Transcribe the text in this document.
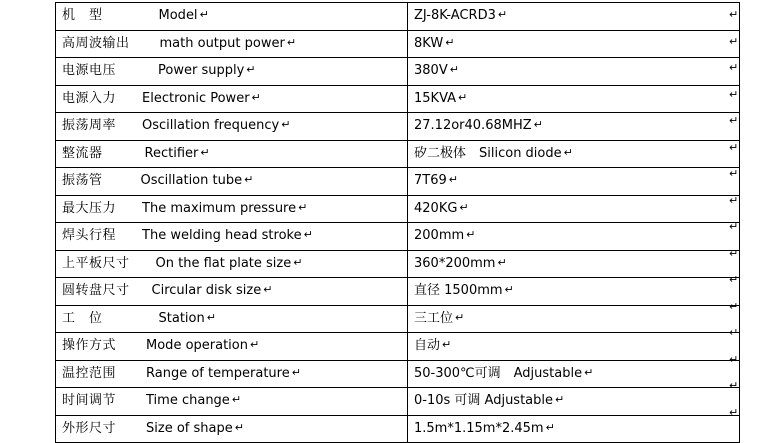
机　型 Model ↵	ZJ-8K-ACRD3 ↵
高周波输出 math output power ↵	8KW ↵
电源电压 Power supply ↵	380V ↵
电源入力 Electronic Power ↵	15KVA ↵
振荡周率 Oscillation frequency ↵	27.12or40.68MHZ ↵
整流器 Rectifier ↵	矽二极体　Silicon diode ↵
振荡管 Oscillation tube ↵	7T69 ↵
最大压力 The maximum pressure ↵	420KG ↵
焊头行程 The welding head stroke ↵	200mm ↵
上平板尺寸 On the flat plate size ↵	360*200mm ↵
圆转盘尺寸 Circular disk size ↵	直径 1500mm ↵
工　位 Station ↵	三工位 ↵
操作方式 Mode operation ↵	自动 ↵
温控范围 Range of temperature ↵	50-300℃可调　Adjustable ↵
时间调节 Time change ↵	0-10s 可调 Adjustable ↵
外形尺寸 Size of shape ↵	1.5m*1.15m*2.45m ↵
↵
↵
↵
↵
↵
↵
↵
↵
↵
↵
↵
↵
↵
↵
↵
↵
